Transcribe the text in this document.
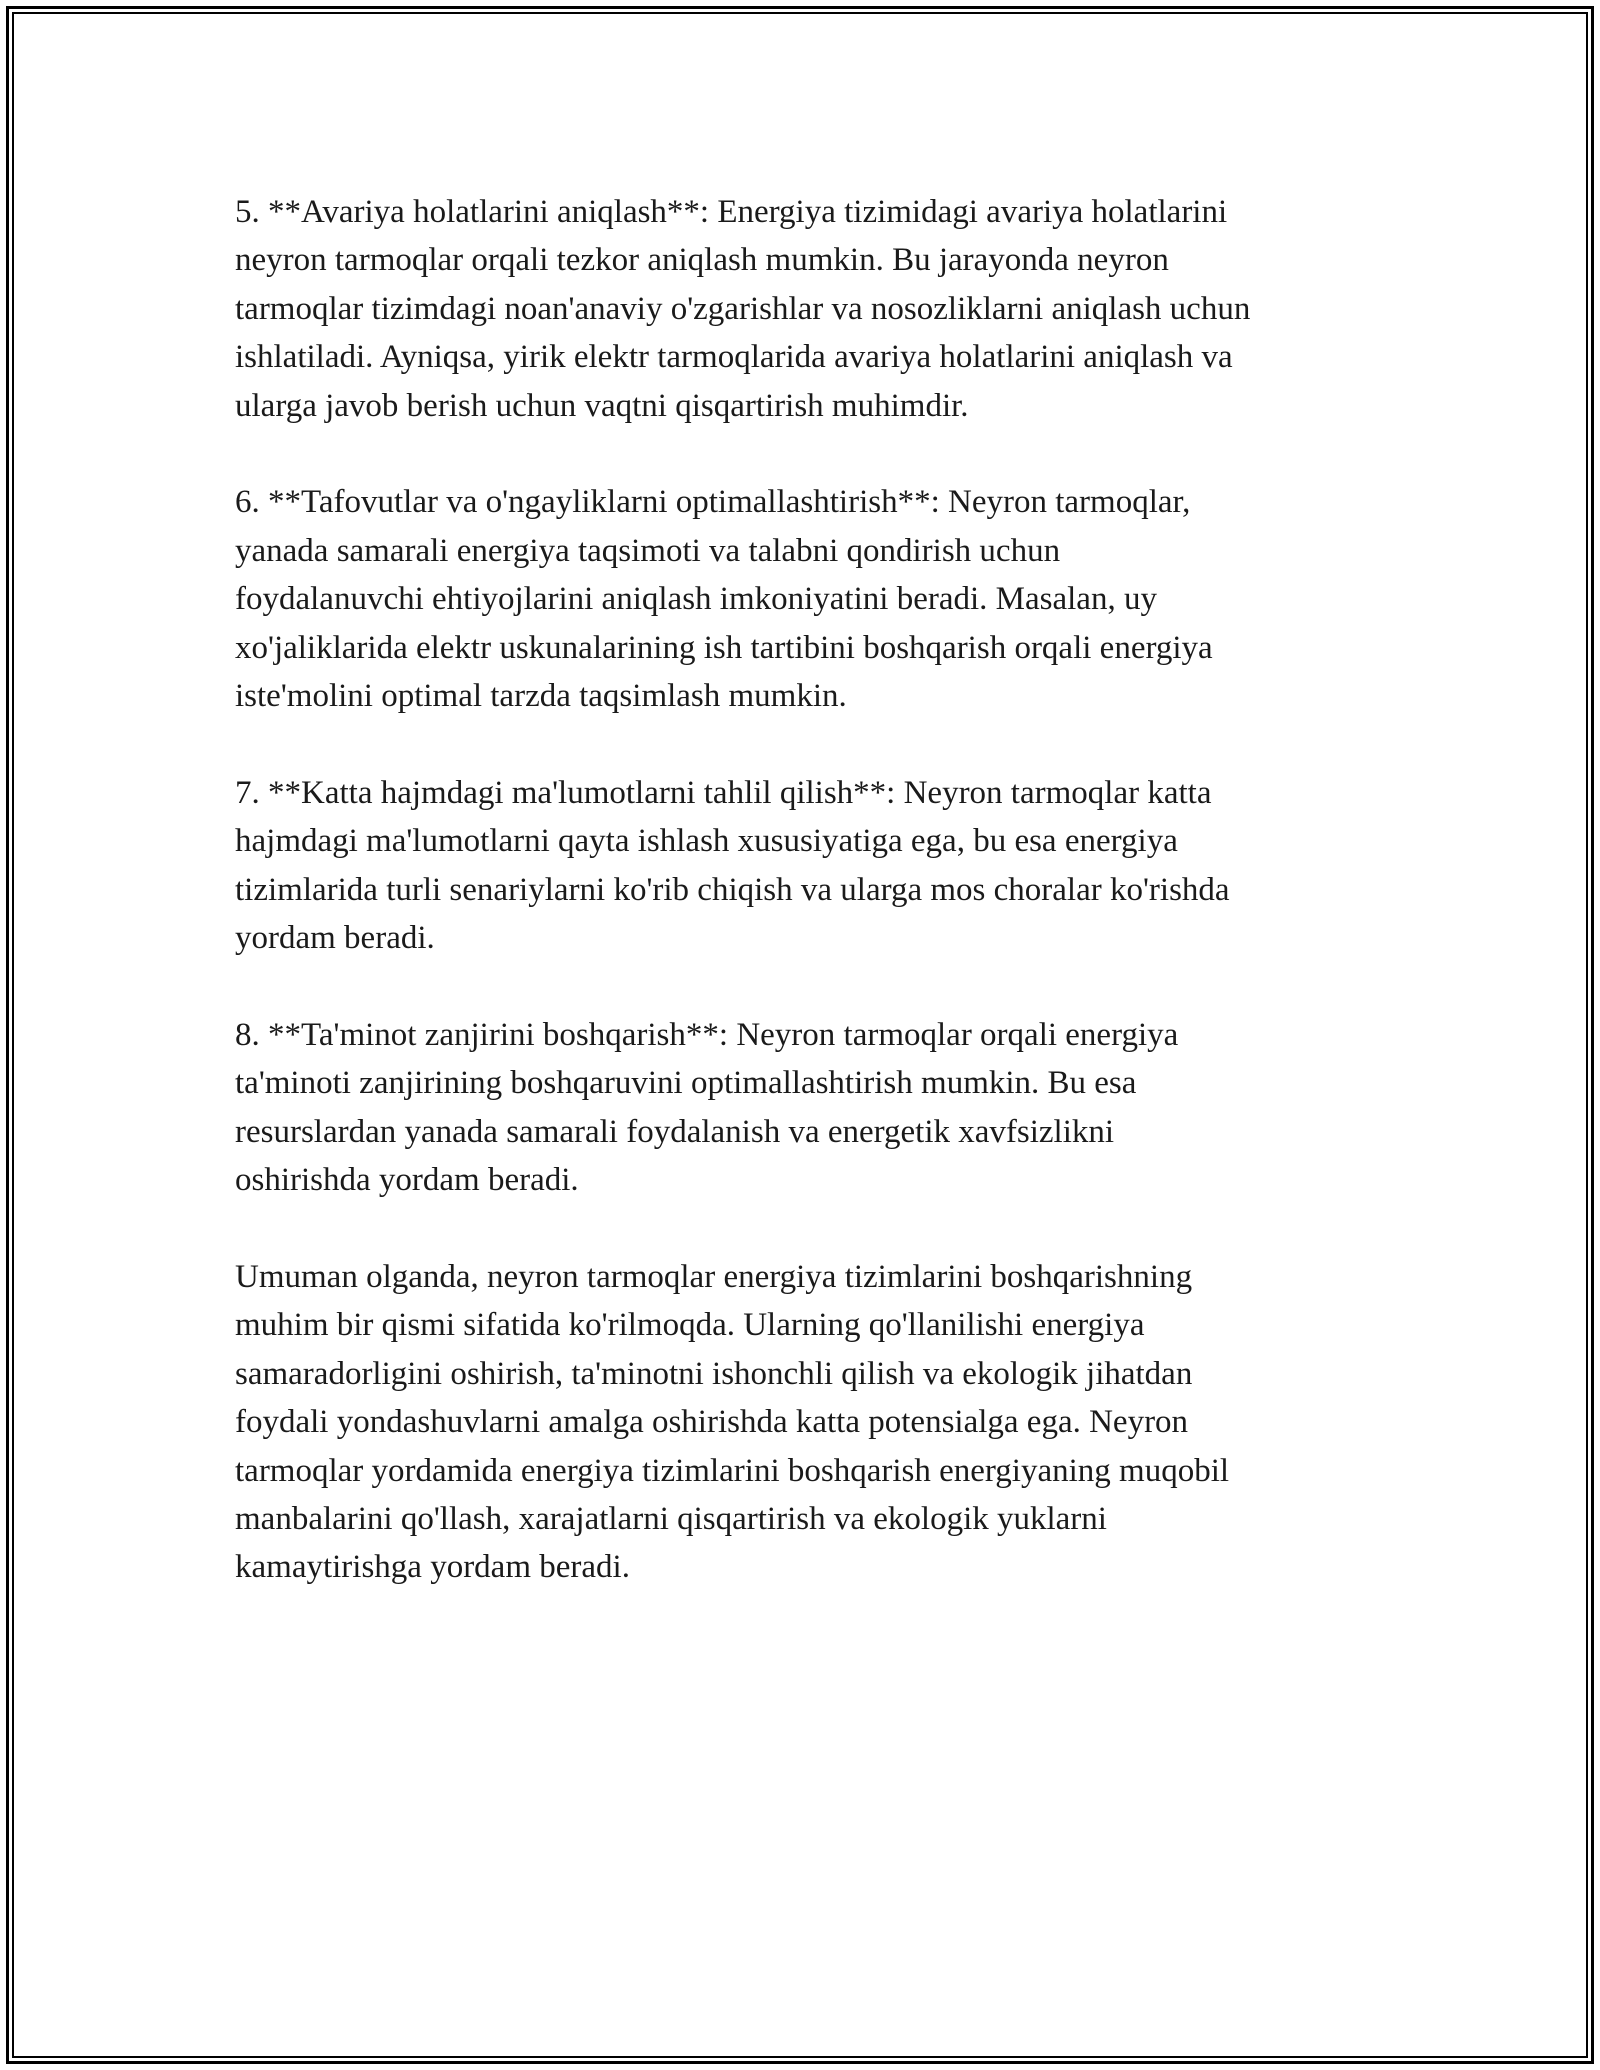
5. **Avariya holatlarini aniqlash**: Energiya tizimidagi avariya holatlarini
neyron tarmoqlar orqali tezkor aniqlash mumkin. Bu jarayonda neyron
tarmoqlar tizimdagi noan'anaviy o'zgarishlar va nosozliklarni aniqlash uchun
ishlatiladi. Ayniqsa, yirik elektr tarmoqlarida avariya holatlarini aniqlash va
ularga javob berish uchun vaqtni qisqartirish muhimdir.

6. **Tafovutlar va o'ngayliklarni optimallashtirish**: Neyron tarmoqlar,
yanada samarali energiya taqsimoti va talabni qondirish uchun
foydalanuvchi ehtiyojlarini aniqlash imkoniyatini beradi. Masalan, uy
xo'jaliklarida elektr uskunalarining ish tartibini boshqarish orqali energiya
iste'molini optimal tarzda taqsimlash mumkin.

7. **Katta hajmdagi ma'lumotlarni tahlil qilish**: Neyron tarmoqlar katta
hajmdagi ma'lumotlarni qayta ishlash xususiyatiga ega, bu esa energiya
tizimlarida turli senariylarni ko'rib chiqish va ularga mos choralar ko'rishda
yordam beradi.

8. **Ta'minot zanjirini boshqarish**: Neyron tarmoqlar orqali energiya
ta'minoti zanjirining boshqaruvini optimallashtirish mumkin. Bu esa
resurslardan yanada samarali foydalanish va energetik xavfsizlikni
oshirishda yordam beradi.

Umuman olganda, neyron tarmoqlar energiya tizimlarini boshqarishning
muhim bir qismi sifatida ko'rilmoqda. Ularning qo'llanilishi energiya
samaradorligini oshirish, ta'minotni ishonchli qilish va ekologik jihatdan
foydali yondashuvlarni amalga oshirishda katta potensialga ega. Neyron
tarmoqlar yordamida energiya tizimlarini boshqarish energiyaning muqobil
manbalarini qo'llash, xarajatlarni qisqartirish va ekologik yuklarni
kamaytirishga yordam beradi.
